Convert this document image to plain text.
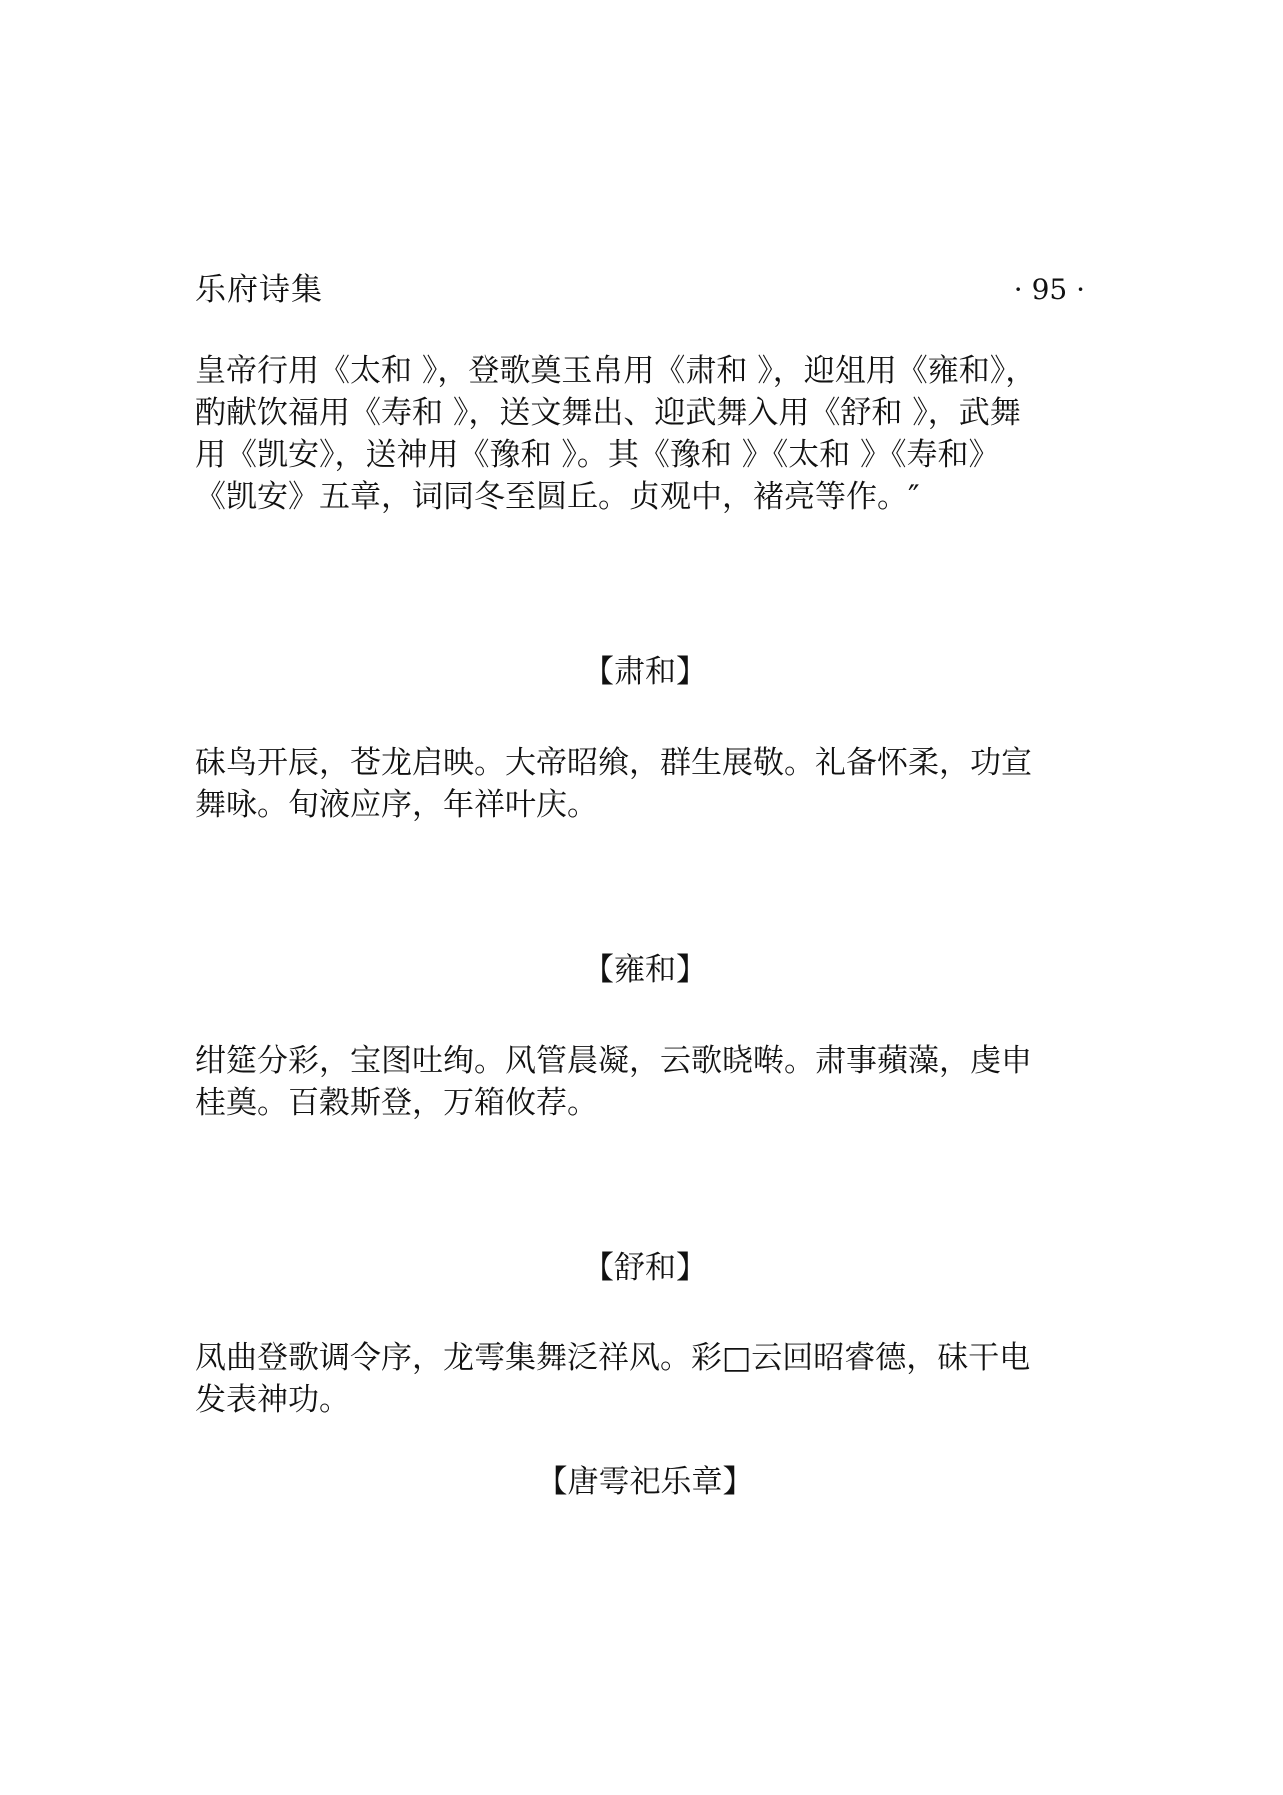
乐府诗集	· 95 ·

皇帝行用《太和 》，登歌奠玉帛用《肃和 》，迎俎用《雍和》，
酌献饮福用《寿和 》，送文舞出、迎武舞入用《舒和 》，武舞
用《凯安》，送神用《豫和 》。其《豫和 》《太和 》《寿和》
《凯安》五章，词同冬至圆丘。贞观中，褚亮等作。″

【肃和】

砞鸟开辰，苍龙启映。大帝昭飨，群生展敬。礼备怀柔，功宣
舞咏。旬液应序，年祥叶庆。

【雍和】

绀筵分彩，宝图吐绚。风管晨凝，云歌晓啭。肃事蘋藻，虔申
桂奠。百穀斯登，万箱攸荐。

【舒和】

凤曲登歌调令序，龙雩集舞泛祥风。彩□云回昭睿德，砞干电
发表神功。

【唐雩祀乐章】
